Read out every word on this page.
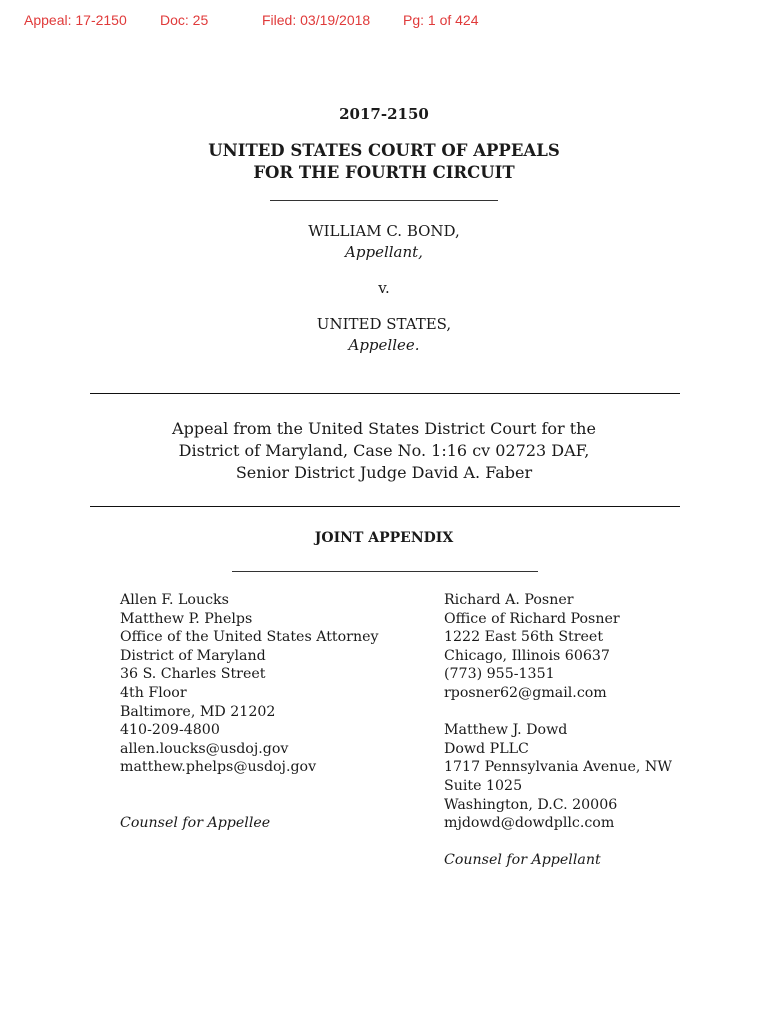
Appeal: 17-2150 Doc: 25	Filed: 03/19/2018 Pg: 1 of 424
2017-2150
UNITED STATES COURT OF APPEALS
FOR THE FOURTH CIRCUIT
WILLIAM C. BOND,
Appellant,
v.
UNITED STATES,
Appellee.
Appeal from the United States District Court for the
District of Maryland, Case No. 1:16 cv 02723 DAF,
Senior District Judge David A. Faber
JOINT APPENDIX
Allen F. Loucks
Matthew P. Phelps
Office of the United States Attorney
District of Maryland
36 S. Charles Street
4th Floor
Baltimore, MD 21202
410-209-4800
allen.loucks@usdoj.gov
matthew.phelps@usdoj.gov
Counsel for Appellee
Richard A. Posner
Office of Richard Posner
1222 East 56th Street
Chicago, Illinois 60637
(773) 955-1351
rposner62@gmail.com
Matthew J. Dowd
Dowd PLLC
1717 Pennsylvania Avenue, NW
Suite 1025
Washington, D.C. 20006
mjdowd@dowdpllc.com
Counsel for Appellant
